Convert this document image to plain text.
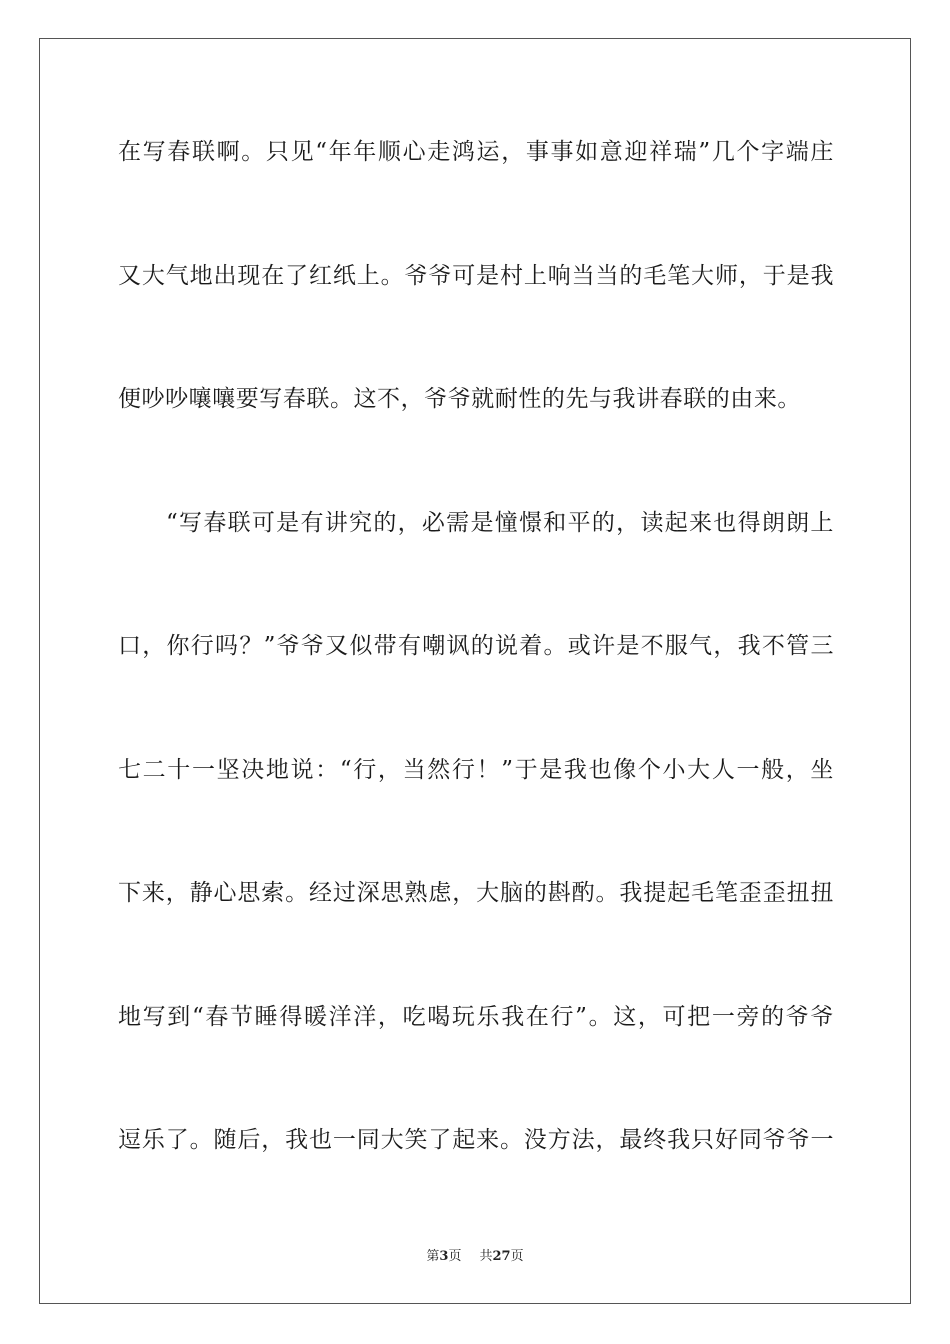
在写春联啊。只见“年年顺心走鸿运，事事如意迎祥瑞”几个字端庄
又大气地出现在了红纸上。爷爷可是村上响当当的毛笔大师，于是我
便吵吵嚷嚷要写春联。这不，爷爷就耐性的先与我讲春联的由来。
“写春联可是有讲究的，必需是憧憬和平的，读起来也得朗朗上
口，你行吗？”爷爷又似带有嘲讽的说着。或许是不服气，我不管三
七二十一坚决地说：“行，当然行！”于是我也像个小大人一般，坐
下来，静心思索。经过深思熟虑，大脑的斟酌。我提起毛笔歪歪扭扭
地写到“春节睡得暖洋洋，吃喝玩乐我在行”。这，可把一旁的爷爷
逗乐了。随后，我也一同大笑了起来。没方法，最终我只好同爷爷一
第3页 共27页
